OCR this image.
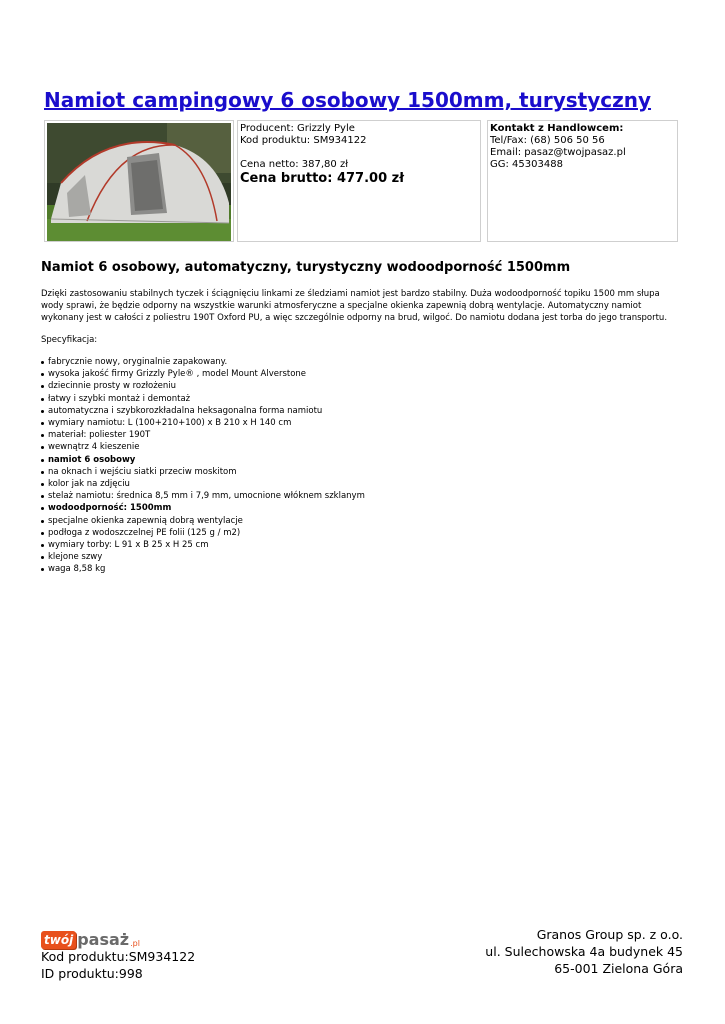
Namiot campingowy 6 osobowy 1500mm, turystyczny
Producent: Grizzly Pyle
Kod produktu: SM934122
Cena netto: 387,80 zł
Cena brutto: 477.00 zł
Kontakt z Handlowcem:
Tel/Fax: (68) 506 50 56
Email: pasaz@twojpasaz.pl
GG: 45303488
Namiot 6 osobowy, automatyczny, turystyczny wodoodporność 1500mm
Dzięki zastosowaniu stabilnych tyczek i ściągnięciu linkami ze śledziami namiot jest bardzo stabilny. Duża wodoodporność topiku 1500 mm słupa wody sprawi, że będzie odporny na wszystkie warunki atmosferyczne a specjalne okienka zapewnią dobrą wentylacje. Automatyczny namiot wykonany jest w całości z poliestru 190T Oxford PU, a więc szczególnie odporny na brud, wilgoć. Do namiotu dodana jest torba do jego transportu.
Specyfikacja:
fabrycznie nowy, oryginalnie zapakowany.
wysoka jakość firmy Grizzly Pyle® , model Mount Alverstone
dziecinnie prosty w rozłożeniu
łatwy i szybki montaż i demontaż
automatyczna i szybkorozkładalna heksagonalna forma namiotu
wymiary namiotu: L (100+210+100) x B 210 x H 140 cm
materiał: poliester 190T
wewnątrz 4 kieszenie
namiot 6 osobowy
na oknach i wejściu siatki przeciw moskitom
kolor jak na zdjęciu
stelaż namiotu: średnica 8,5 mm i 7,9 mm, umocnione włóknem szklanym
wodoodporność: 1500mm
specjalne okienka zapewnią dobrą wentylacje
podłoga z wodoszczelnej PE folii (125 g / m2)
wymiary torby: L 91 x B 25 x H 25 cm
klejone szwy
waga 8,58 kg
twój pasaż .pl
Kod produktu:SM934122
ID produktu:998
Granos Group sp. z o.o.
ul. Sulechowska 4a budynek 45
65-001 Zielona Góra
